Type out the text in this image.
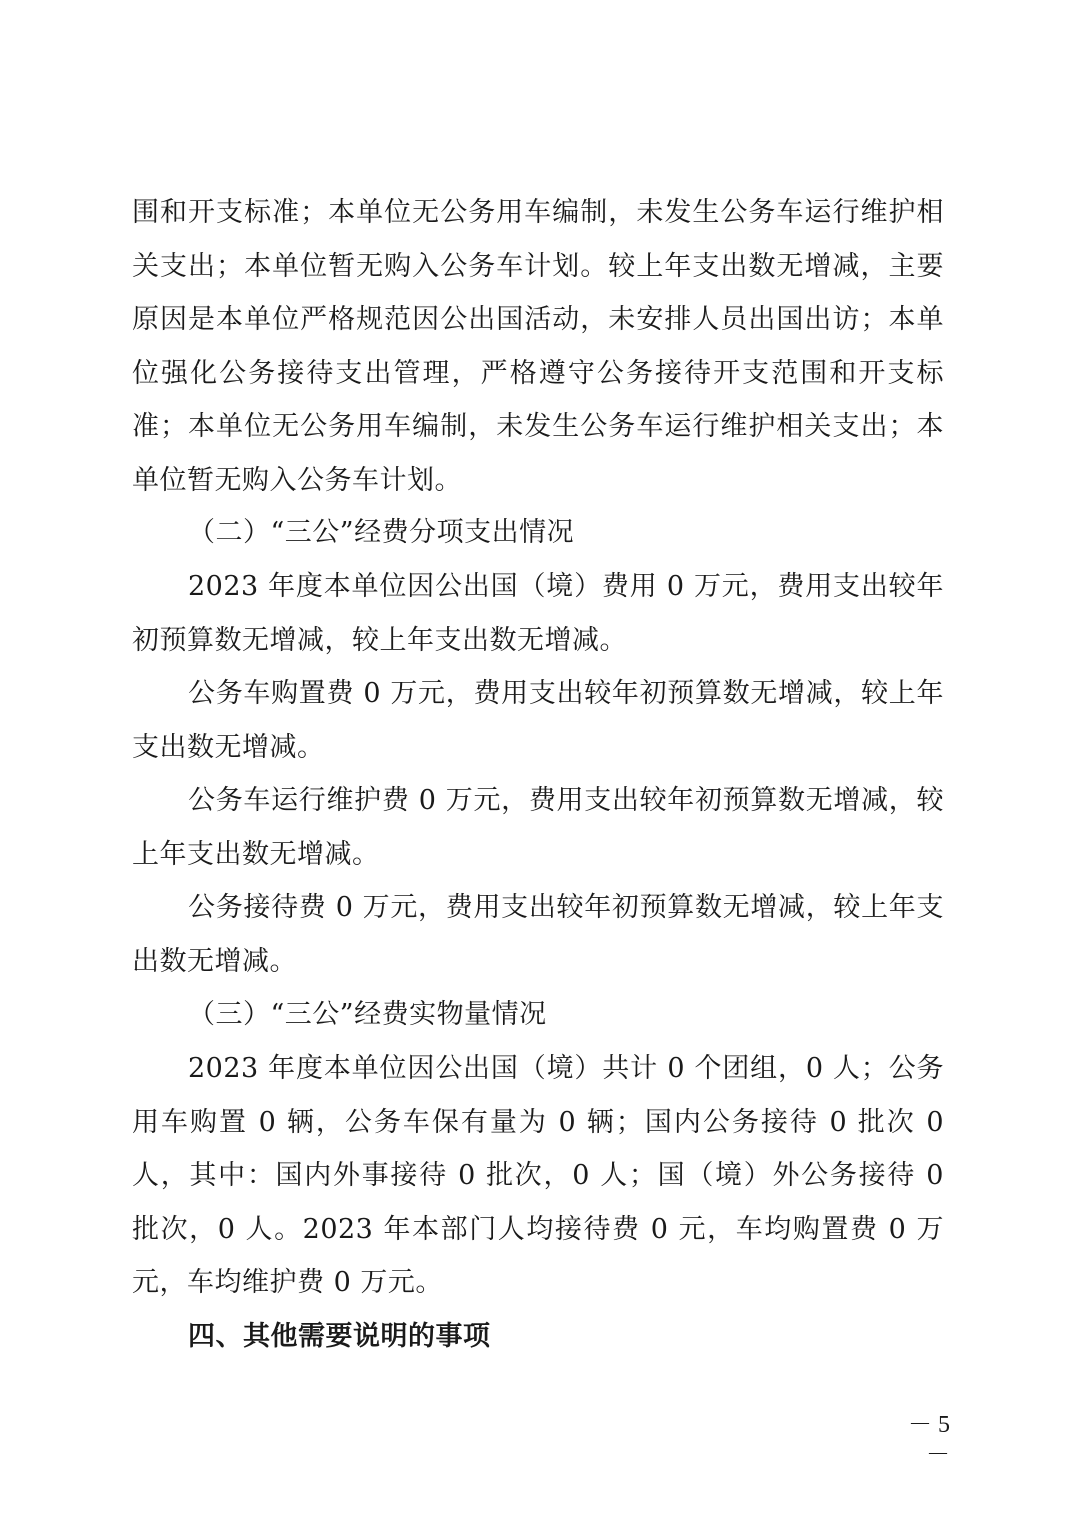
围和开支标准；本单位无公务用车编制，未发生公务车运行维护相关支出；本单位暂无购入公务车计划。较上年支出数无增减，主要原因是本单位严格规范因公出国活动，未安排人员出国出访；本单位强化公务接待支出管理，严格遵守公务接待开支范围和开支标准；本单位无公务用车编制，未发生公务车运行维护相关支出；本单位暂无购入公务车计划。

（二）“三公”经费分项支出情况

2023 年度本单位因公出国（境）费用 0 万元，费用支出较年初预算数无增减，较上年支出数无增减。

公务车购置费 0 万元，费用支出较年初预算数无增减，较上年支出数无增减。

公务车运行维护费 0 万元，费用支出较年初预算数无增减，较上年支出数无增减。

公务接待费 0 万元，费用支出较年初预算数无增减，较上年支出数无增减。

（三）“三公”经费实物量情况

2023 年度本单位因公出国（境）共计 0 个团组，0 人；公务用车购置 0 辆，公务车保有量为 0 辆；国内公务接待 0 批次 0 人，其中：国内外事接待 0 批次，0 人；国（境）外公务接待 0 批次，0 人。2023 年本部门人均接待费 0 元，车均购置费 0 万元，车均维护费 0 万元。

四、其他需要说明的事项

－ 5 －
